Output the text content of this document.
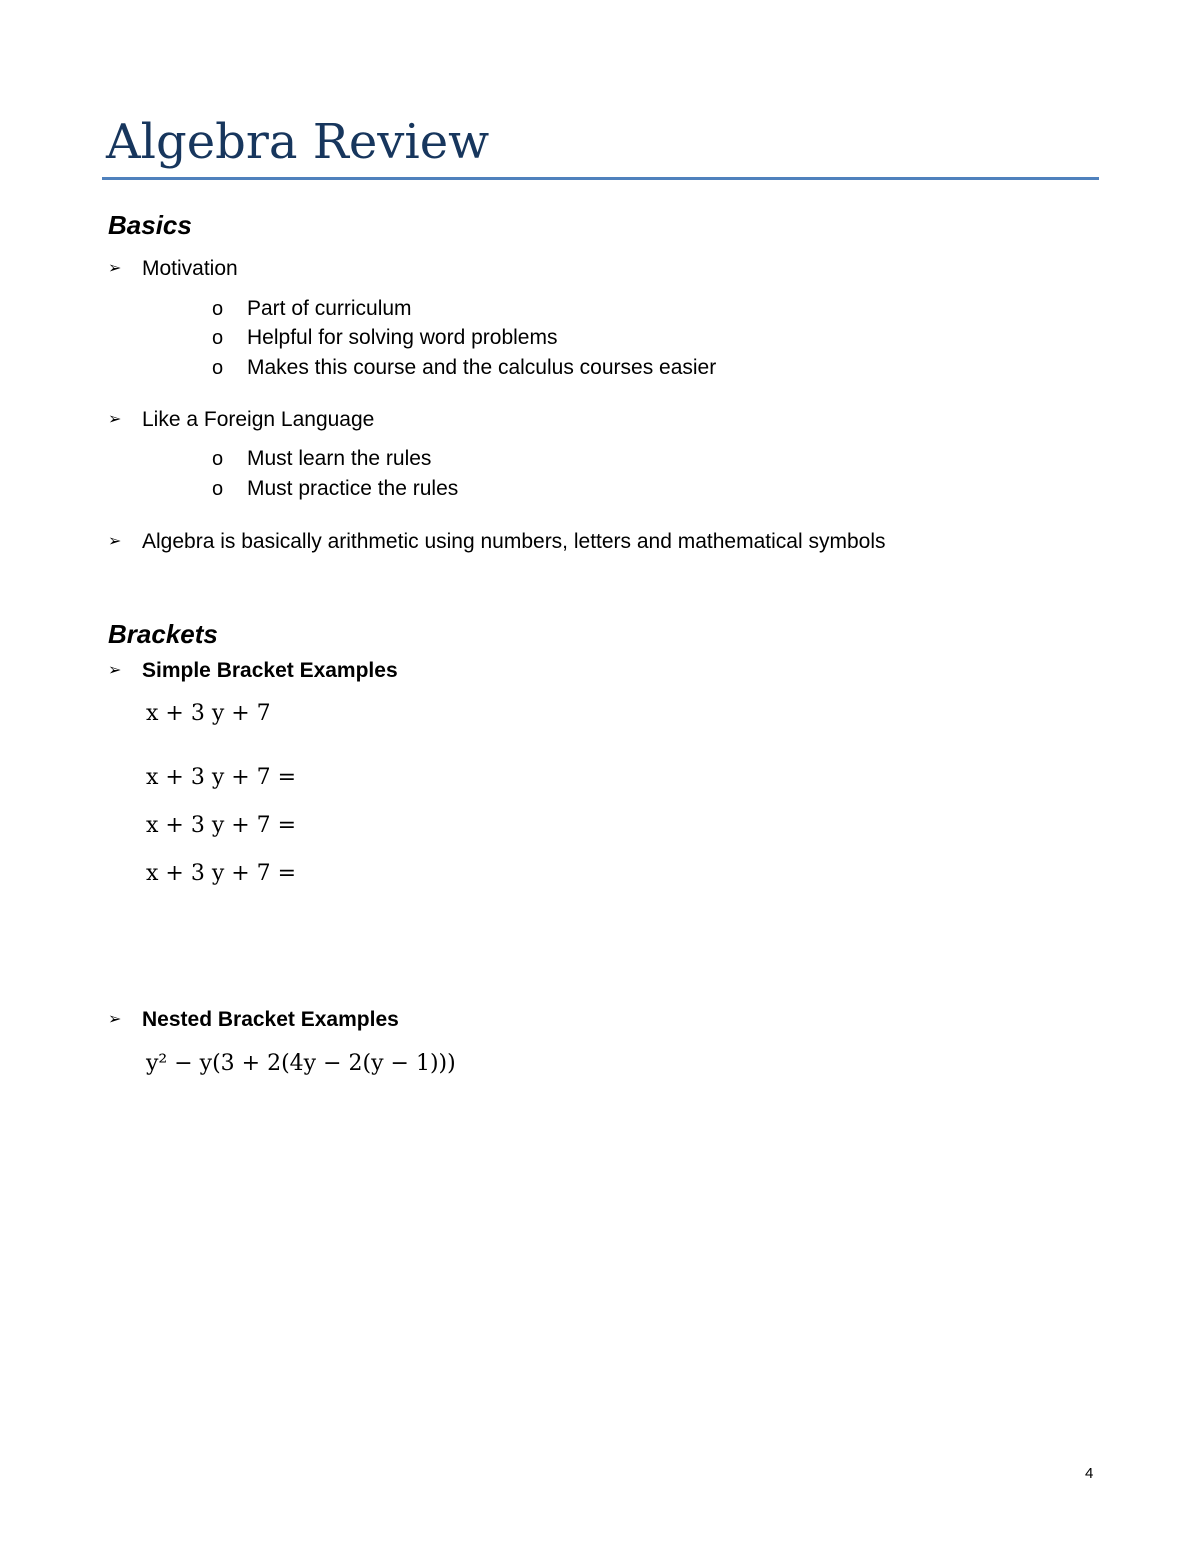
Algebra Review
Basics
➢ Motivation
o Part of curriculum
o Helpful for solving word problems
o Makes this course and the calculus courses easier
➢ Like a Foreign Language
o Must learn the rules
o Must practice the rules
➢ Algebra is basically arithmetic using numbers, letters and mathematical symbols
Brackets
➢ Simple Bracket Examples
x + 3 y + 7
x + 3 y + 7 =
x + 3 y + 7 =
x + 3 y + 7 =
➢ Nested Bracket Examples
y² − y(3 + 2(4y − 2(y − 1)))
4
